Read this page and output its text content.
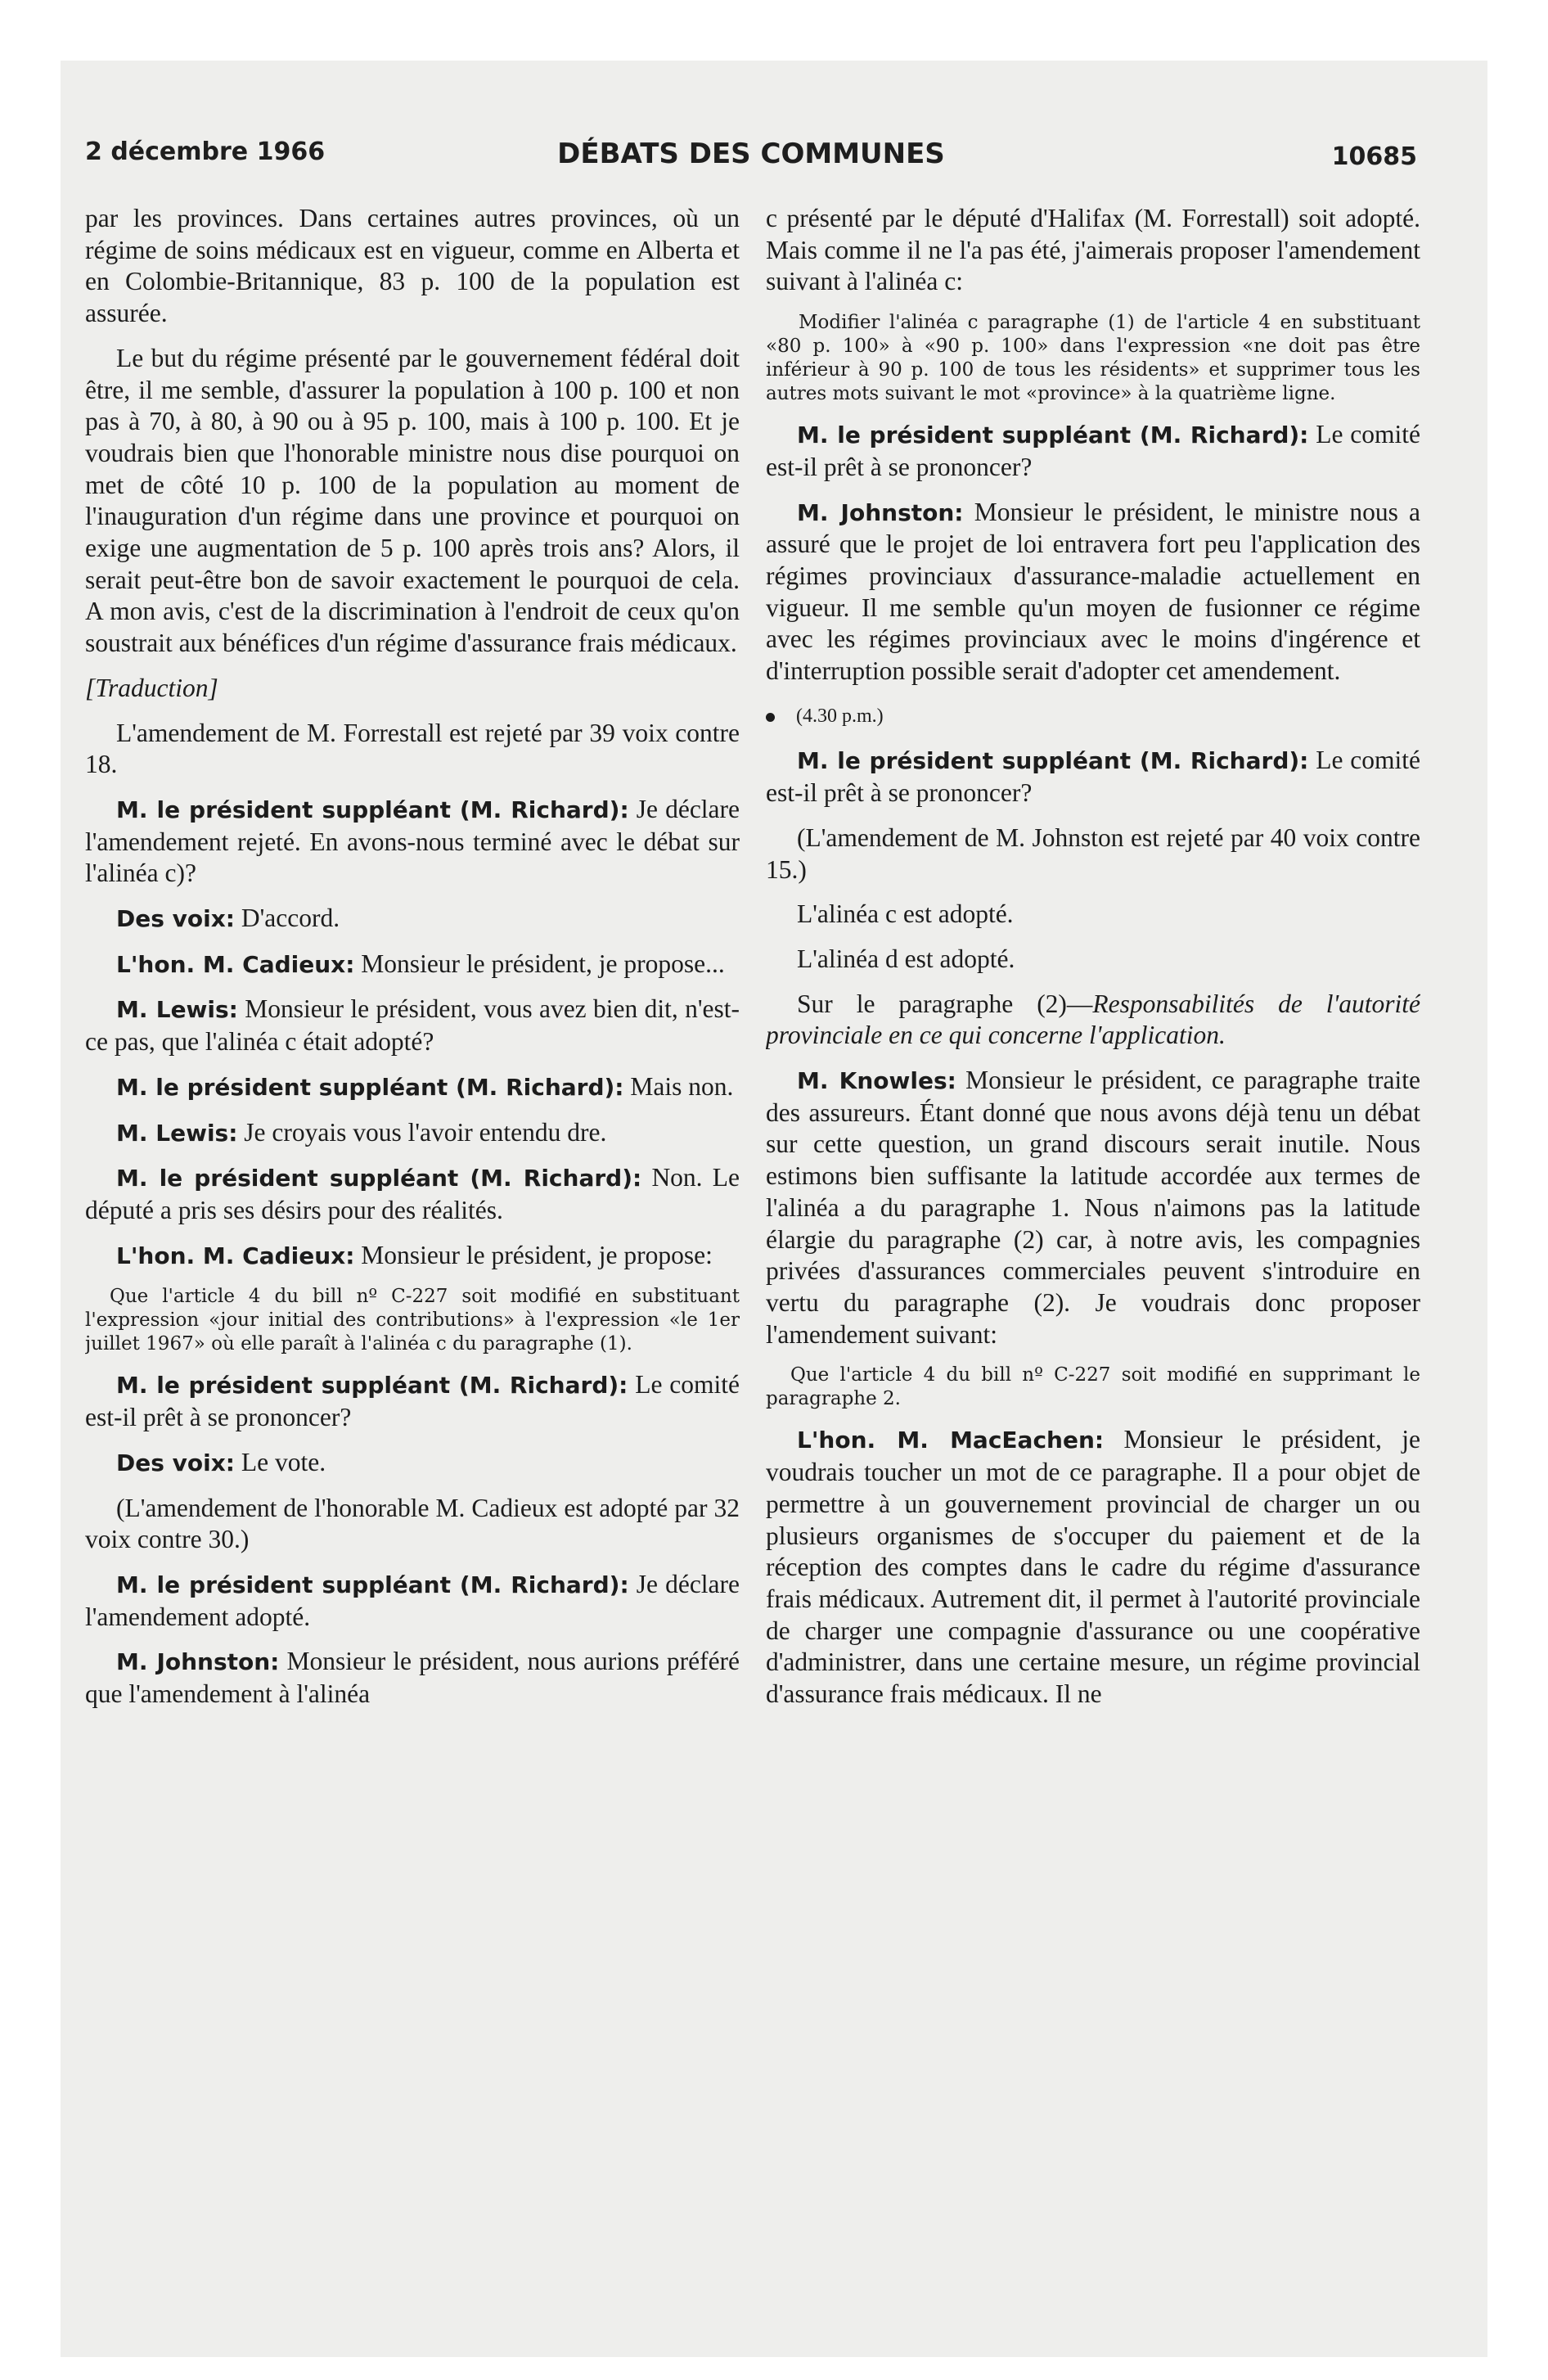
2 décembre 1966	DÉBATS DES COMMUNES	10685

par les provinces. Dans certaines autres provinces, où un régime de soins médicaux est en vigueur, comme en Alberta et en Colombie-Britannique, 83 p. 100 de la population est assurée.

Le but du régime présenté par le gouvernement fédéral doit être, il me semble, d'assurer la population à 100 p. 100 et non pas à 70, à 80, à 90 ou à 95 p. 100, mais à 100 p. 100. Et je voudrais bien que l'honorable ministre nous dise pourquoi on met de côté 10 p. 100 de la population au moment de l'inauguration d'un régime dans une province et pourquoi on exige une augmentation de 5 p. 100 après trois ans? Alors, il serait peut-être bon de savoir exactement le pourquoi de cela. A mon avis, c'est de la discrimination à l'endroit de ceux qu'on soustrait aux bénéfices d'un régime d'assurance frais médicaux.

[Traduction]

L'amendement de M. Forrestall est rejeté par 39 voix contre 18.

M. le président suppléant (M. Richard): Je déclare l'amendement rejeté. En avons-nous terminé avec le débat sur l'alinéa c)?

Des voix: D'accord.

L'hon. M. Cadieux: Monsieur le président, je propose...

M. Lewis: Monsieur le président, vous avez bien dit, n'est-ce pas, que l'alinéa c était adopté?

M. le président suppléant (M. Richard): Mais non.

M. Lewis: Je croyais vous l'avoir entendu dre.

M. le président suppléant (M. Richard): Non. Le député a pris ses désirs pour des réalités.

L'hon. M. Cadieux: Monsieur le président, je propose:

Que l'article 4 du bill nº C-227 soit modifié en substituant l'expression «jour initial des contributions» à l'expression «le 1er juillet 1967» où elle paraît à l'alinéa c du paragraphe (1).

M. le président suppléant (M. Richard): Le comité est-il prêt à se prononcer?

Des voix: Le vote.

(L'amendement de l'honorable M. Cadieux est adopté par 32 voix contre 30.)

M. le président suppléant (M. Richard): Je déclare l'amendement adopté.

M. Johnston: Monsieur le président, nous aurions préféré que l'amendement à l'alinéa

c présenté par le député d'Halifax (M. Forrestall) soit adopté. Mais comme il ne l'a pas été, j'aimerais proposer l'amendement suivant à l'alinéa c:

Modifier l'alinéa c paragraphe (1) de l'article 4 en substituant «80 p. 100» à «90 p. 100» dans l'expression «ne doit pas être inférieur à 90 p. 100 de tous les résidents» et supprimer tous les autres mots suivant le mot «province» à la quatrième ligne.

M. le président suppléant (M. Richard): Le comité est-il prêt à se prononcer?

M. Johnston: Monsieur le président, le ministre nous a assuré que le projet de loi entravera fort peu l'application des régimes provinciaux d'assurance-maladie actuellement en vigueur. Il me semble qu'un moyen de fusionner ce régime avec les régimes provinciaux avec le moins d'ingérence et d'interruption possible serait d'adopter cet amendement.

(4.30 p.m.)

M. le président suppléant (M. Richard): Le comité est-il prêt à se prononcer?

(L'amendement de M. Johnston est rejeté par 40 voix contre 15.)

L'alinéa c est adopté.

L'alinéa d est adopté.

Sur le paragraphe (2)—Responsabilités de l'autorité provinciale en ce qui concerne l'application.

M. Knowles: Monsieur le président, ce paragraphe traite des assureurs. Étant donné que nous avons déjà tenu un débat sur cette question, un grand discours serait inutile. Nous estimons bien suffisante la latitude accordée aux termes de l'alinéa a du paragraphe 1. Nous n'aimons pas la latitude élargie du paragraphe (2) car, à notre avis, les compagnies privées d'assurances commerciales peuvent s'introduire en vertu du paragraphe (2). Je voudrais donc proposer l'amendement suivant:

Que l'article 4 du bill nº C-227 soit modifié en supprimant le paragraphe 2.

L'hon. M. MacEachen: Monsieur le président, je voudrais toucher un mot de ce paragraphe. Il a pour objet de permettre à un gouvernement provincial de charger un ou plusieurs organismes de s'occuper du paiement et de la réception des comptes dans le cadre du régime d'assurance frais médicaux. Autrement dit, il permet à l'autorité provinciale de charger une compagnie d'assurance ou une coopérative d'administrer, dans une certaine mesure, un régime provincial d'assurance frais médicaux. Il ne
